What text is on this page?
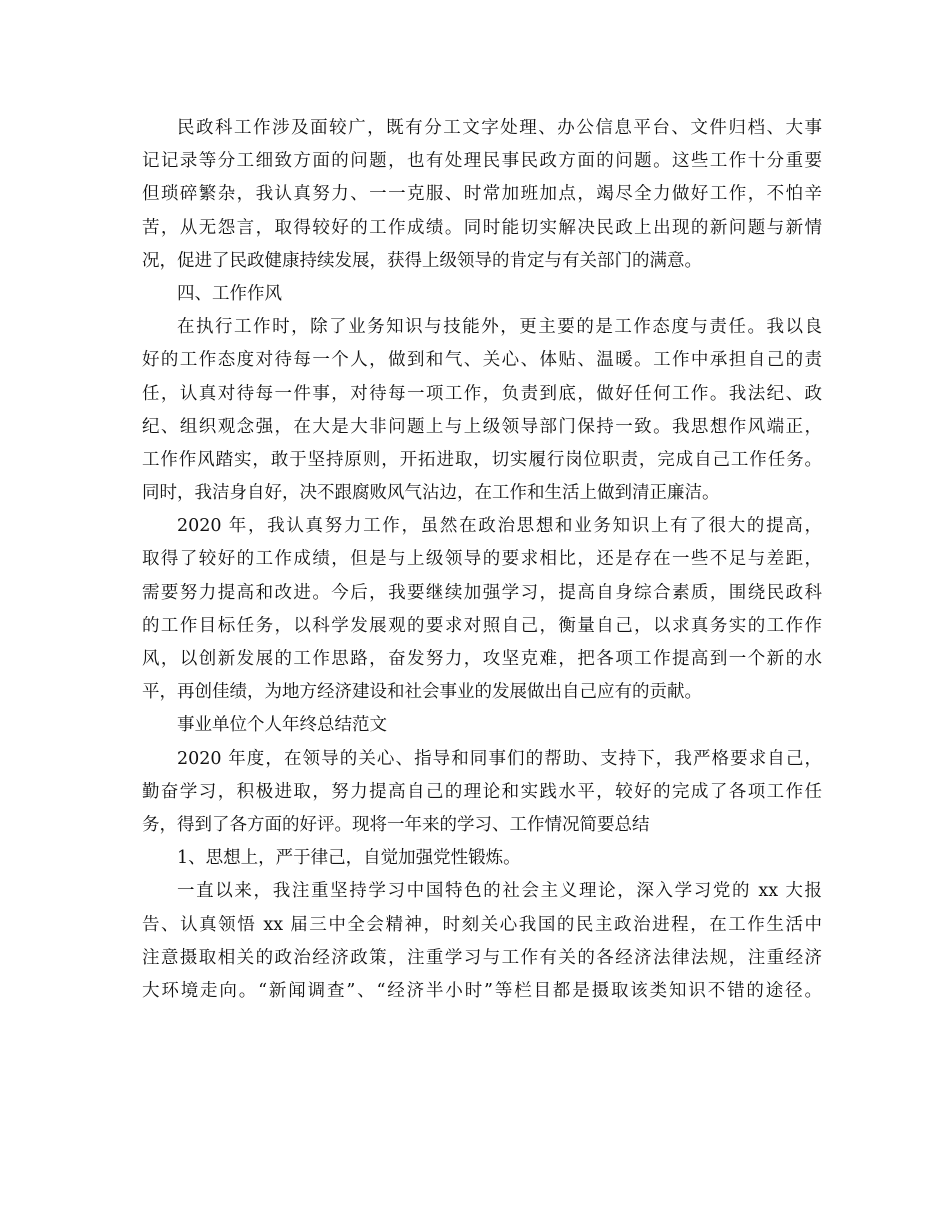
民政科工作涉及面较广，既有分工文字处理、办公信息平台、文件归档、大事
记记录等分工细致方面的问题，也有处理民事民政方面的问题。这些工作十分重要
但琐碎繁杂，我认真努力、一一克服、时常加班加点，竭尽全力做好工作，不怕辛
苦，从无怨言，取得较好的工作成绩。同时能切实解决民政上出现的新问题与新情
况，促进了民政健康持续发展，获得上级领导的肯定与有关部门的满意。
四、工作作风
在执行工作时，除了业务知识与技能外，更主要的是工作态度与责任。我以良
好的工作态度对待每一个人，做到和气、关心、体贴、温暖。工作中承担自己的责
任，认真对待每一件事，对待每一项工作，负责到底，做好任何工作。我法纪、政
纪、组织观念强，在大是大非问题上与上级领导部门保持一致。我思想作风端正，
工作作风踏实，敢于坚持原则，开拓进取，切实履行岗位职责，完成自己工作任务。
同时，我洁身自好，决不跟腐败风气沾边，在工作和生活上做到清正廉洁。
2020 年，我认真努力工作，虽然在政治思想和业务知识上有了很大的提高，
取得了较好的工作成绩，但是与上级领导的要求相比，还是存在一些不足与差距，
需要努力提高和改进。今后，我要继续加强学习，提高自身综合素质，围绕民政科
的工作目标任务，以科学发展观的要求对照自己，衡量自己，以求真务实的工作作
风，以创新发展的工作思路，奋发努力，攻坚克难，把各项工作提高到一个新的水
平，再创佳绩，为地方经济建设和社会事业的发展做出自己应有的贡献。
事业单位个人年终总结范文
2020 年度，在领导的关心、指导和同事们的帮助、支持下，我严格要求自己，
勤奋学习，积极进取，努力提高自己的理论和实践水平，较好的完成了各项工作任
务，得到了各方面的好评。现将一年来的学习、工作情况简要总结
1、思想上，严于律己，自觉加强党性锻炼。
一直以来，我注重坚持学习中国特色的社会主义理论，深入学习党的 xx 大报
告、认真领悟 xx 届三中全会精神，时刻关心我国的民主政治进程，在工作生活中
注意摄取相关的政治经济政策，注重学习与工作有关的各经济法律法规，注重经济
大环境走向。“新闻调查”、“经济半小时”等栏目都是摄取该类知识不错的途径。
